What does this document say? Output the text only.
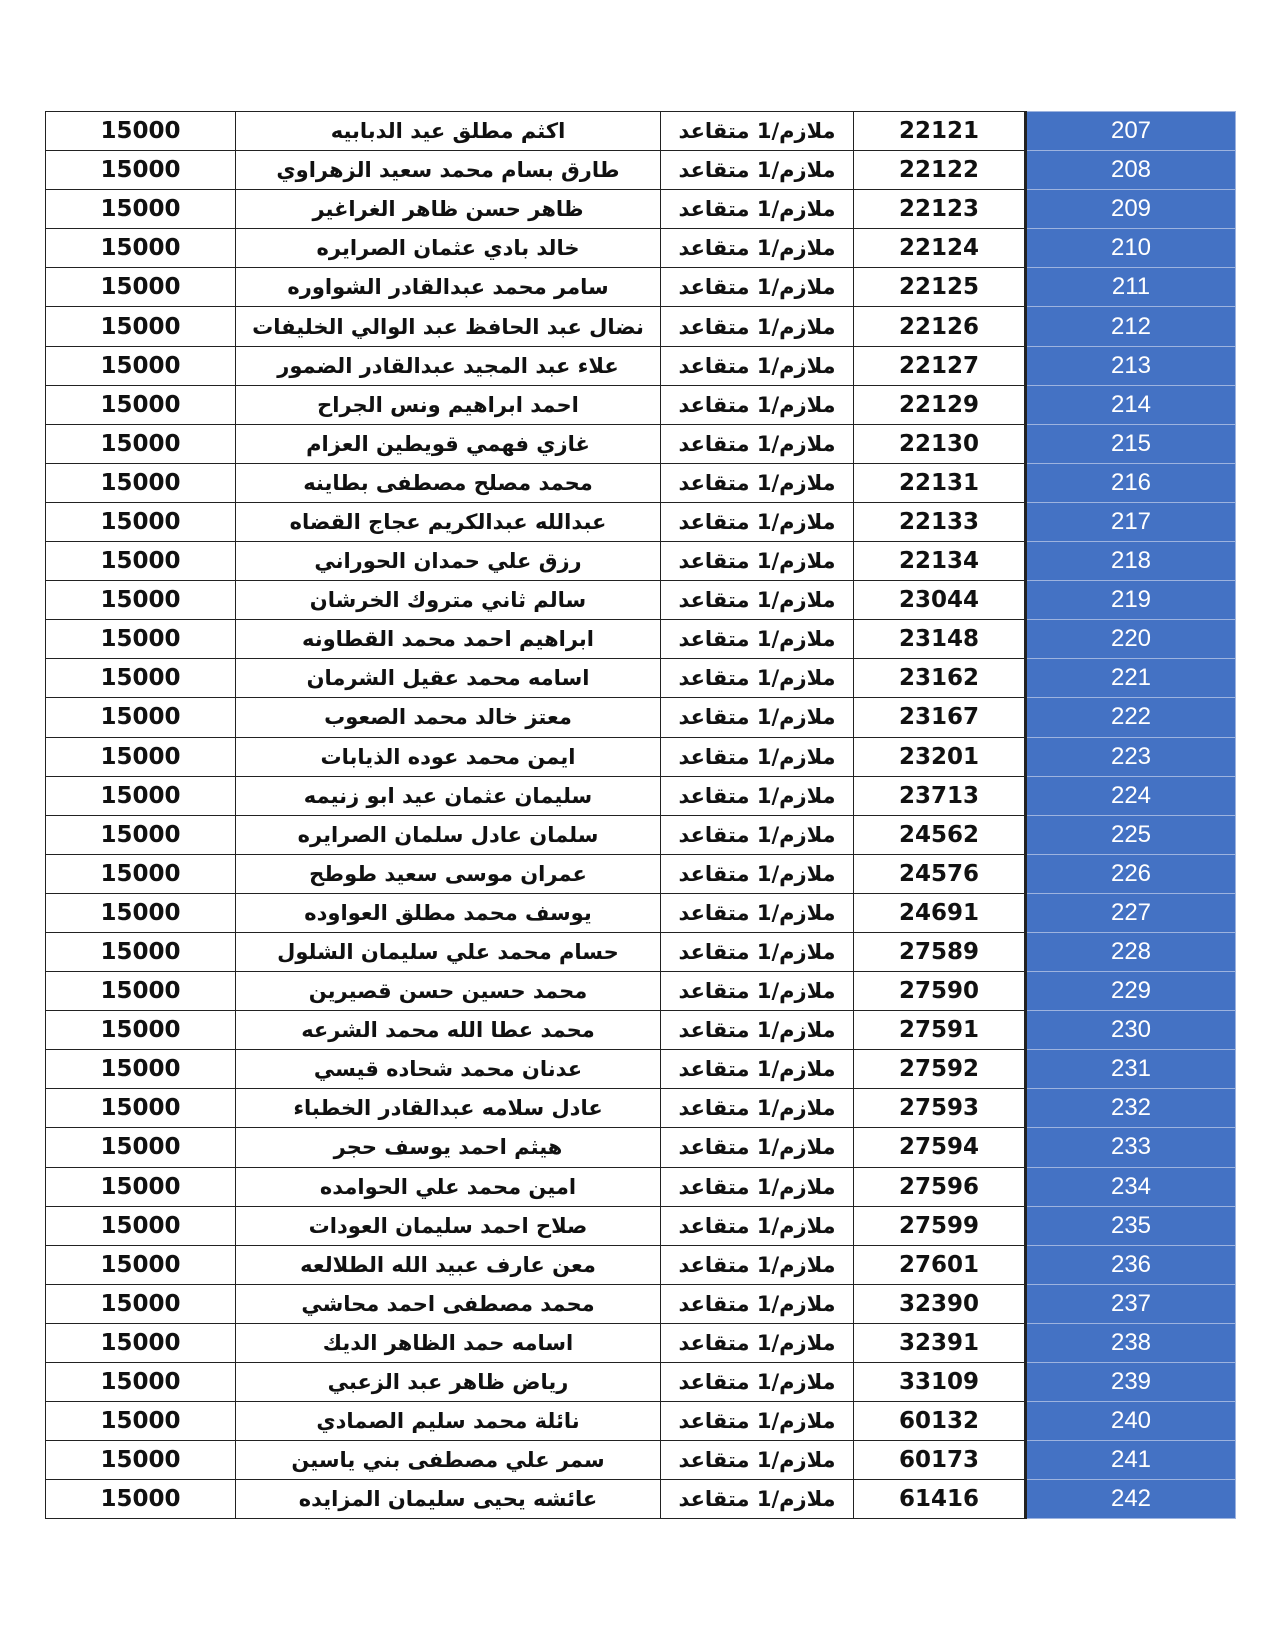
15000	اكثم مطلق عيد الدبابيه	ملازم/1 متقاعد	22121	207
15000	طارق بسام محمد سعيد الزهراوي	ملازم/1 متقاعد	22122	208
15000	ظاهر حسن ظاهر الغراغير	ملازم/1 متقاعد	22123	209
15000	خالد بادي عثمان الصرايره	ملازم/1 متقاعد	22124	210
15000	سامر محمد عبدالقادر الشواوره	ملازم/1 متقاعد	22125	211
15000	نضال عبد الحافظ عبد الوالي الخليفات	ملازم/1 متقاعد	22126	212
15000	علاء عبد المجيد عبدالقادر الضمور	ملازم/1 متقاعد	22127	213
15000	احمد ابراهيم ونس الجراح	ملازم/1 متقاعد	22129	214
15000	غازي فهمي قويطين العزام	ملازم/1 متقاعد	22130	215
15000	محمد مصلح مصطفى بطاينه	ملازم/1 متقاعد	22131	216
15000	عبدالله عبدالكريم عجاج القضاه	ملازم/1 متقاعد	22133	217
15000	رزق علي حمدان الحوراني	ملازم/1 متقاعد	22134	218
15000	سالم ثاني متروك الخرشان	ملازم/1 متقاعد	23044	219
15000	ابراهيم احمد محمد القطاونه	ملازم/1 متقاعد	23148	220
15000	اسامه محمد عقيل الشرمان	ملازم/1 متقاعد	23162	221
15000	معتز خالد محمد الصعوب	ملازم/1 متقاعد	23167	222
15000	ايمن محمد عوده الذيابات	ملازم/1 متقاعد	23201	223
15000	سليمان عثمان عيد ابو زنيمه	ملازم/1 متقاعد	23713	224
15000	سلمان عادل سلمان الصرايره	ملازم/1 متقاعد	24562	225
15000	عمران موسى سعيد طوطح	ملازم/1 متقاعد	24576	226
15000	يوسف محمد مطلق العواوده	ملازم/1 متقاعد	24691	227
15000	حسام محمد علي سليمان الشلول	ملازم/1 متقاعد	27589	228
15000	محمد حسين حسن قصيرين	ملازم/1 متقاعد	27590	229
15000	محمد عطا الله محمد الشرعه	ملازم/1 متقاعد	27591	230
15000	عدنان محمد شحاده قيسي	ملازم/1 متقاعد	27592	231
15000	عادل سلامه عبدالقادر الخطباء	ملازم/1 متقاعد	27593	232
15000	هيثم احمد يوسف حجر	ملازم/1 متقاعد	27594	233
15000	امين محمد علي الحوامده	ملازم/1 متقاعد	27596	234
15000	صلاح احمد سليمان العودات	ملازم/1 متقاعد	27599	235
15000	معن عارف عبيد الله الطلالعه	ملازم/1 متقاعد	27601	236
15000	محمد مصطفى احمد محاشي	ملازم/1 متقاعد	32390	237
15000	اسامه حمد الظاهر الديك	ملازم/1 متقاعد	32391	238
15000	رياض ظاهر عبد الزعبي	ملازم/1 متقاعد	33109	239
15000	نائلة محمد سليم الصمادي	ملازم/1 متقاعد	60132	240
15000	سمر علي مصطفى بني ياسين	ملازم/1 متقاعد	60173	241
15000	عائشه يحيى سليمان المزايده	ملازم/1 متقاعد	61416	242
